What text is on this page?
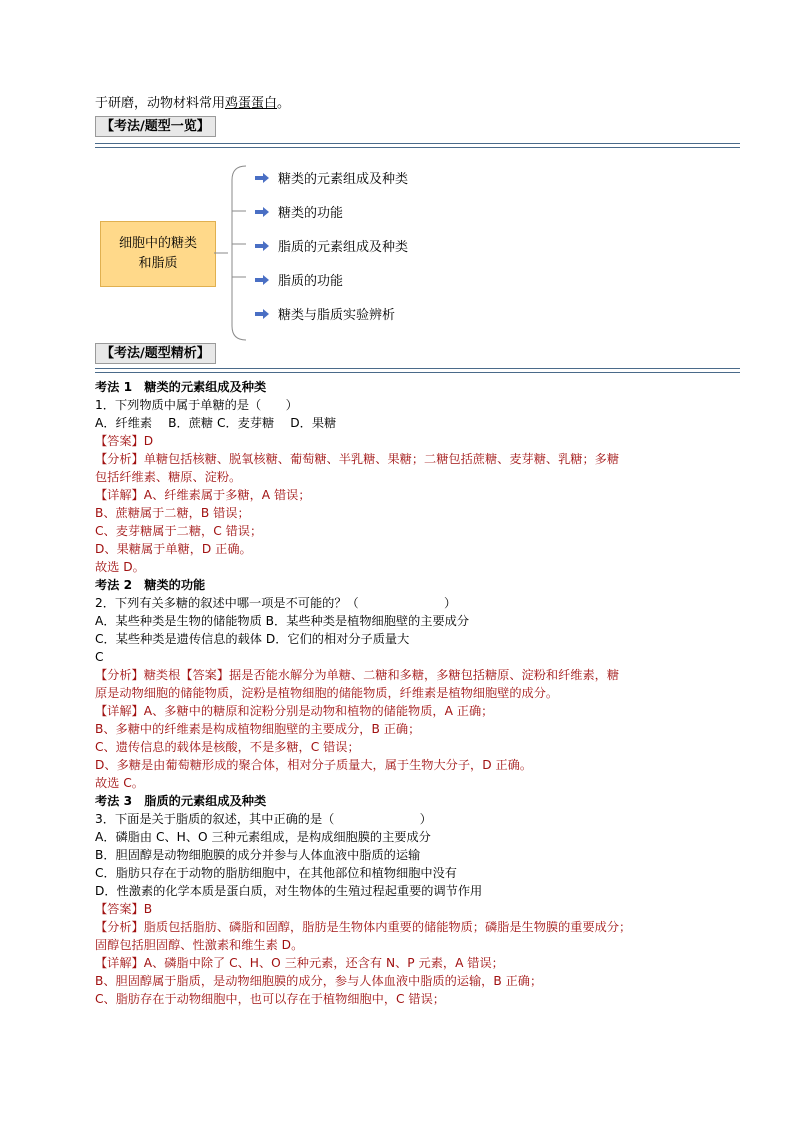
于研磨，动物材料常用鸡蛋蛋白。
【考法/题型一览】
细胞中的糖类
和脂质
糖类的元素组成及种类
糖类的功能
脂质的元素组成及种类
脂质的功能
糖类与脂质实验辨析
【考法/题型精析】
考法 1　糖类的元素组成及种类
1．下列物质中属于单糖的是（　　）
A．纤维素　 B．蔗糖 C．麦芽糖　 D．果糖
【答案】D
【分析】单糖包括核糖、脱氧核糖、葡萄糖、半乳糖、果糖；二糖包括蔗糖、麦芽糖、乳糖；多糖
包括纤维素、糖原、淀粉。
【详解】A、纤维素属于多糖，A 错误；
B、蔗糖属于二糖，B 错误；
C、麦芽糖属于二糖，C 错误；
D、果糖属于单糖，D 正确。
故选 D。
考法 2　糖类的功能
2．下列有关多糖的叙述中哪一项是不可能的？（　　　　　　　）
A．某些种类是生物的储能物质 B．某些种类是植物细胞壁的主要成分
C．某些种类是遗传信息的载体 D．它们的相对分子质量大
C
【分析】糖类根【答案】据是否能水解分为单糖、二糖和多糖，多糖包括糖原、淀粉和纤维素，糖
原是动物细胞的储能物质，淀粉是植物细胞的储能物质，纤维素是植物细胞壁的成分。
【详解】A、多糖中的糖原和淀粉分别是动物和植物的储能物质，A 正确；
B、多糖中的纤维素是构成植物细胞壁的主要成分，B 正确；
C、遗传信息的载体是核酸，不是多糖，C 错误；
D、多糖是由葡萄糖形成的聚合体，相对分子质量大，属于生物大分子，D 正确。
故选 C。
考法 3　脂质的元素组成及种类
3．下面是关于脂质的叙述，其中正确的是（　　　　　　　）
A．磷脂由 C、H、O 三种元素组成，是构成细胞膜的主要成分
B．胆固醇是动物细胞膜的成分并参与人体血液中脂质的运输
C．脂肪只存在于动物的脂肪细胞中，在其他部位和植物细胞中没有
D．性激素的化学本质是蛋白质，对生物体的生殖过程起重要的调节作用
【答案】B
【分析】脂质包括脂肪、磷脂和固醇，脂肪是生物体内重要的储能物质；磷脂是生物膜的重要成分；
固醇包括胆固醇、性激素和维生素 D。
【详解】A、磷脂中除了 C、H、O 三种元素，还含有 N、P 元素，A 错误；
B、胆固醇属于脂质，是动物细胞膜的成分，参与人体血液中脂质的运输，B 正确；
C、脂肪存在于动物细胞中，也可以存在于植物细胞中，C 错误；
